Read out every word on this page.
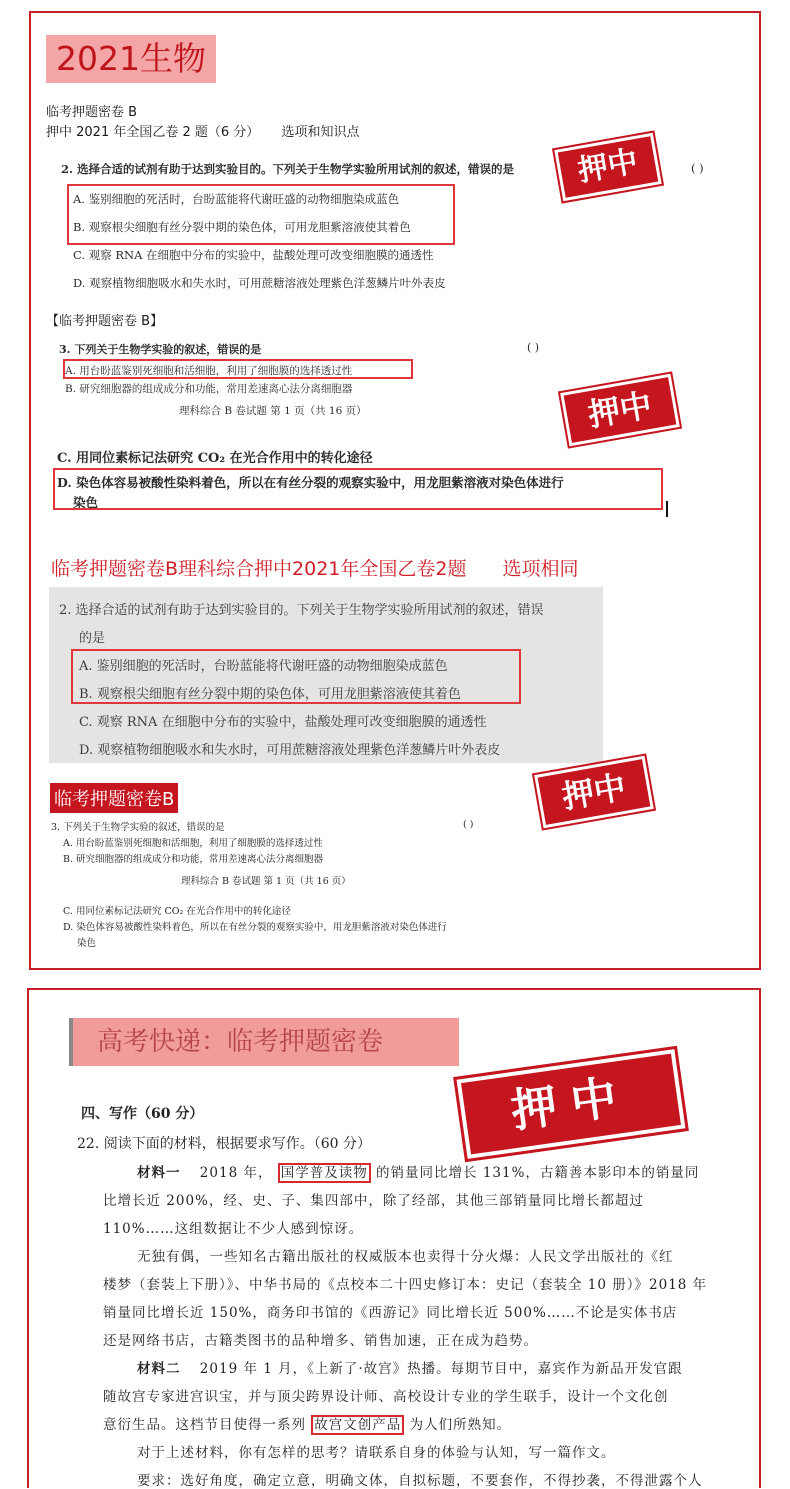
2021生物
临考押题密卷 B
押中 2021 年全国乙卷 2 题（6 分） 选项和知识点
2. 选择合适的试剂有助于达到实验目的。下列关于生物学实验所用试剂的叙述，错误的是	( )
A. 鉴别细胞的死活时，台盼蓝能将代谢旺盛的动物细胞染成蓝色
B. 观察根尖细胞有丝分裂中期的染色体，可用龙胆紫溶液使其着色
C. 观察 RNA 在细胞中分布的实验中，盐酸处理可改变细胞膜的通透性
D. 观察植物细胞吸水和失水时，可用蔗糖溶液处理紫色洋葱鳞片叶外表皮
押中
【临考押题密卷 B】
3. 下列关于生物学实验的叙述，错误的是	( )
A. 用台盼蓝鉴别死细胞和活细胞，利用了细胞膜的选择透过性
B. 研究细胞器的组成成分和功能，常用差速离心法分离细胞器
理科综合 B 卷试题 第 1 页（共 16 页）	押中
C. 用同位素标记法研究 CO₂ 在光合作用中的转化途径
D. 染色体容易被酸性染料着色，所以在有丝分裂的观察实验中，用龙胆紫溶液对染色体进行
染色
临考押题密卷B理科综合押中2021年全国乙卷2题 选项相同
2. 选择合适的试剂有助于达到实验目的。下列关于生物学实验所用试剂的叙述，错误
的是
A. 鉴别细胞的死活时，台盼蓝能将代谢旺盛的动物细胞染成蓝色
B. 观察根尖细胞有丝分裂中期的染色体，可用龙胆紫溶液使其着色
C. 观察 RNA 在细胞中分布的实验中，盐酸处理可改变细胞膜的通透性
D. 观察植物细胞吸水和失水时，可用蔗糖溶液处理紫色洋葱鳞片叶外表皮
临考押题密卷B	押中
3. 下列关于生物学实验的叙述，错误的是	( )
A. 用台盼蓝鉴别死细胞和活细胞，利用了细胞膜的选择透过性
B. 研究细胞器的组成成分和功能，常用差速离心法分离细胞器
理科综合 B 卷试题 第 1 页（共 16 页）
C. 用同位素标记法研究 CO₂ 在光合作用中的转化途径
D. 染色体容易被酸性染料着色，所以在有丝分裂的观察实验中，用龙胆紫溶液对染色体进行
染色
高考快递：临考押题密卷
押中
四、写作（60 分）
22. 阅读下面的材料，根据要求写作。（60 分）
材料一 2018 年， 国学普及读物 的销量同比增长 131%，古籍善本影印本的销量同
比增长近 200%，经、史、子、集四部中，除了经部，其他三部销量同比增长都超过
110%……这组数据让不少人感到惊讶。
无独有偶，一些知名古籍出版社的权威版本也卖得十分火爆：人民文学出版社的《红
楼梦（套装上下册）》、中华书局的《点校本二十四史修订本：史记（套装全 10 册）》2018 年
销量同比增长近 150%，商务印书馆的《西游记》同比增长近 500%……不论是实体书店
还是网络书店，古籍类图书的品种增多、销售加速，正在成为趋势。
材料二 2019 年 1 月，《上新了·故宫》热播。每期节目中，嘉宾作为新品开发官跟
随故宫专家进宫识宝，并与顶尖跨界设计师、高校设计专业的学生联手，设计一个文化创
意衍生品。这档节目使得一系列 故宫文创产品 为人们所熟知。
对于上述材料，你有怎样的思考？请联系自身的体验与认知，写一篇作文。
要求：选好角度，确定立意，明确文体，自拟标题，不要套作，不得抄袭，不得泄露个人
